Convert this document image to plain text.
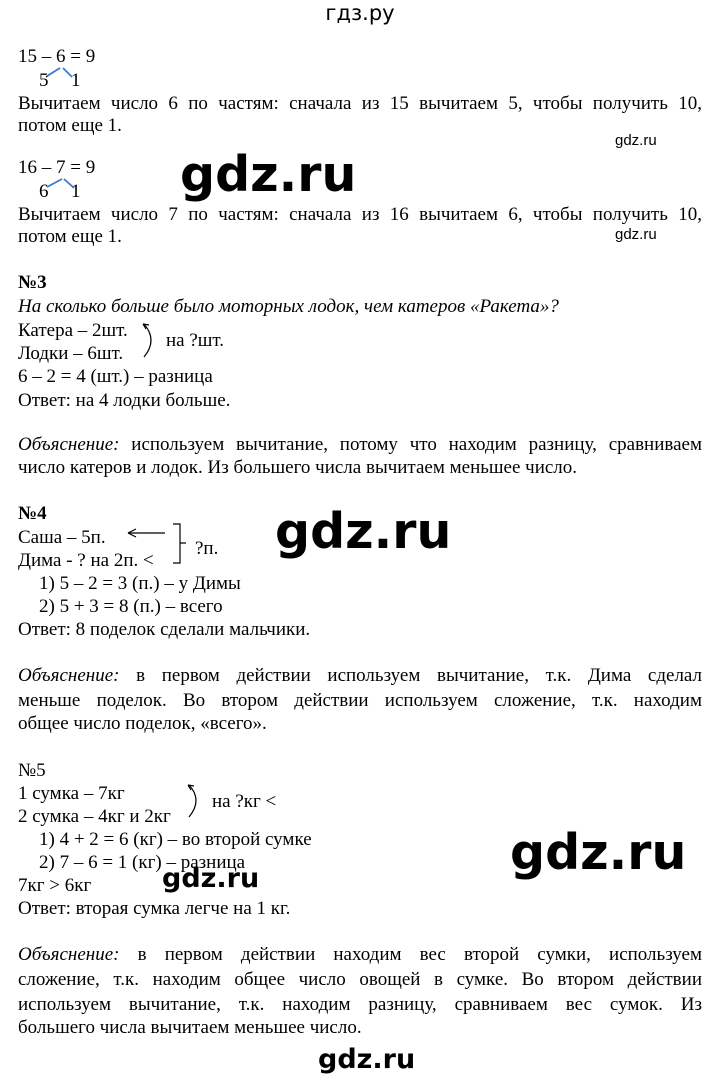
гдз.ру
15 – 6 = 9
5 1
Вычитаем число 6 по частям: сначала из 15 вычитаем 5, чтобы получить 10,
потом еще 1.
16 – 7 = 9
6 1
Вычитаем число 7 по частям: сначала из 16 вычитаем 6, чтобы получить 10,
потом еще 1.
№3
На сколько больше было моторных лодок, чем катеров «Ракета»?
Катера – 2шт.
Лодки – 6шт.
на ?шт.
6 – 2 = 4 (шт.) – разница
Ответ: на 4 лодки больше.
Объяснение: используем вычитание, потому что находим разницу, сравниваем
число катеров и лодок. Из большего числа вычитаем меньшее число.
№4
Саша – 5п.
Дима - ? на 2п. <
?п.
1) 5 – 2 = 3 (п.) – у Димы
2) 5 + 3 = 8 (п.) – всего
Ответ: 8 поделок сделали мальчики.
Объяснение: в первом действии используем вычитание, т.к. Дима сделал
меньше поделок. Во втором действии используем сложение, т.к. находим
общее число поделок, «всего».
№5
1 сумка – 7кг
2 сумка – 4кг и 2кг
на ?кг <
1) 4 + 2 = 6 (кг) – во второй сумке
2) 7 – 6 = 1 (кг) – разница
7кг > 6кг
Ответ: вторая сумка легче на 1 кг.
Объяснение: в первом действии находим вес второй сумки, используем
сложение, т.к. находим общее число овощей в сумке. Во втором действии
используем вычитание, т.к. находим разницу, сравниваем вес сумок. Из
большего числа вычитаем меньшее число.
gdz.ru
gdz.ru
gdz.ru
gdz.ru
gdz.ru
gdz.ru
gdz.ru
